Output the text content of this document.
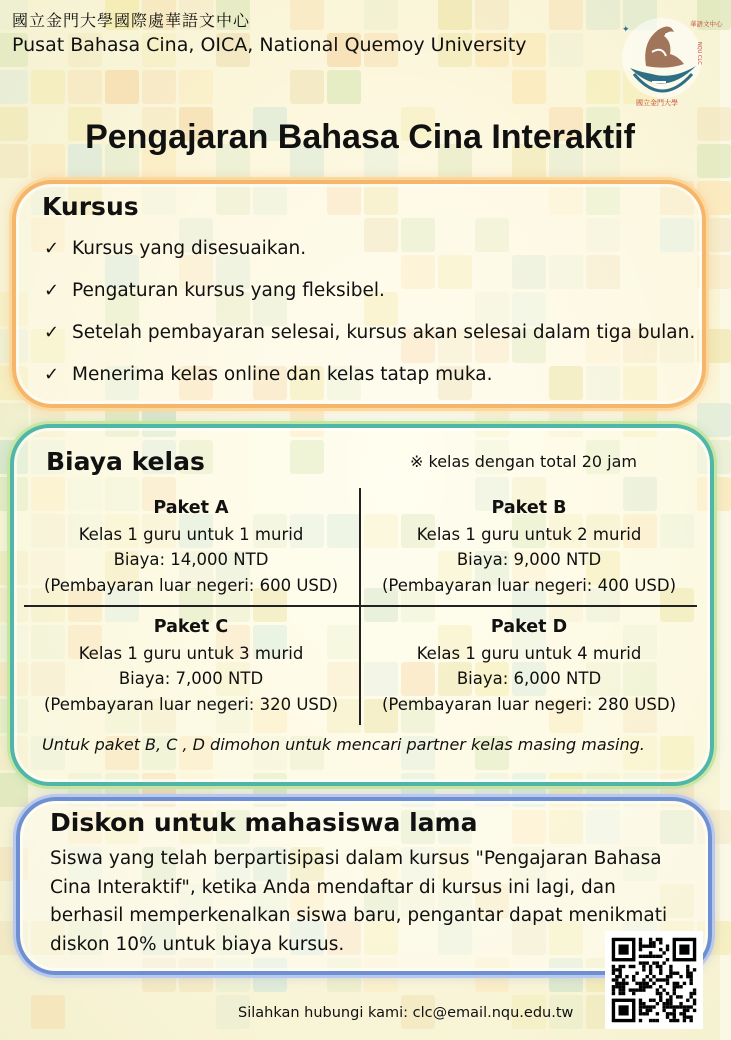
國立金門大學國際處華語文中心
Pusat Bahasa Cina, OICA, National Quemoy University
✦
華語文中心
NQU CLC
國立金門大學
Pengajaran Bahasa Cina Interaktif
Kursus
✓ Kursus yang disesuaikan.
✓ Pengaturan kursus yang fleksibel.
✓ Setelah pembayaran selesai, kursus akan selesai dalam tiga bulan.
✓ Menerima kelas online dan kelas tatap muka.
Biaya kelas	※ kelas dengan total 20 jam
Paket A
Kelas 1 guru untuk 1 murid
Biaya: 14,000 NTD
(Pembayaran luar negeri: 600 USD)
Paket B
Kelas 1 guru untuk 2 murid
Biaya: 9,000 NTD
(Pembayaran luar negeri: 400 USD)
Paket C
Kelas 1 guru untuk 3 murid
Biaya: 7,000 NTD
(Pembayaran luar negeri: 320 USD)
Paket D
Kelas 1 guru untuk 4 murid
Biaya: 6,000 NTD
(Pembayaran luar negeri: 280 USD)
Untuk paket B, C , D dimohon untuk mencari partner kelas masing masing.
Diskon untuk mahasiswa lama
Siswa yang telah berpartisipasi dalam kursus "Pengajaran Bahasa Cina Interaktif", ketika Anda mendaftar di kursus ini lagi, dan berhasil memperkenalkan siswa baru, pengantar dapat menikmati diskon 10% untuk biaya kursus.
Silahkan hubungi kami: clc@email.nqu.edu.tw
